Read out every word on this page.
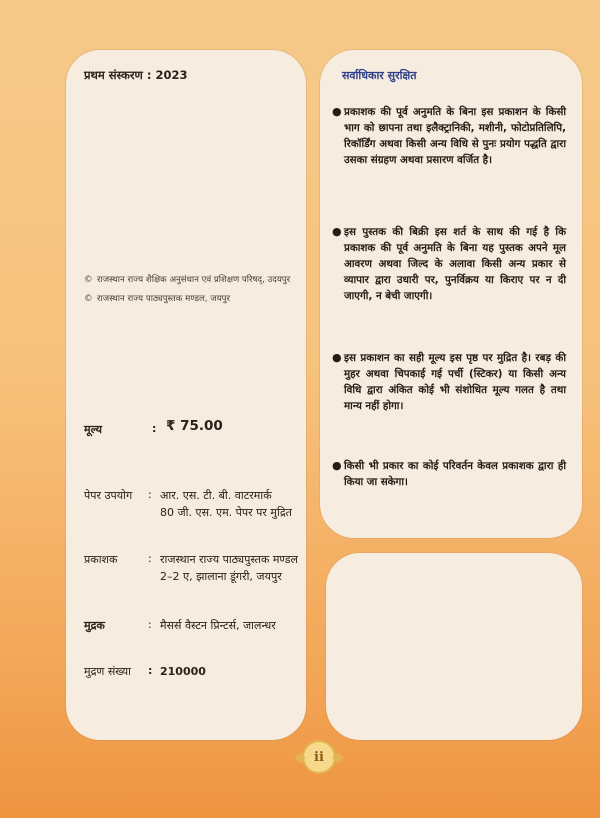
प्रथम संस्करण : 2023
© राजस्थान राज्य शैक्षिक अनुसंधान एवं प्रशिक्षण परिषद्, उदयपुर
© राजस्थान राज्य पाठ्यपुस्तक मण्डल, जयपुर
मूल्य	: ₹ 75.00
पेपर उपयोग : आर. एस. टी. बी. वाटरमार्क
80 जी. एस. एम. पेपर पर मुद्रित
प्रकाशक	: राजस्थान राज्य पाठ्यपुस्तक मण्डल
2–2 ए, झालाना डूंगरी, जयपुर
मुद्रक	: मैसर्स वैस्टन प्रिन्टर्स, जालन्धर
मुद्रण संख्या : 210000
सर्वाधिकार सुरक्षित
● प्रकाशक की पूर्व अनुमति के बिना इस प्रकाशन के किसी भाग को छापना तथा इलैक्ट्रानिकी, मशीनी, फोटोप्रतिलिपि, रिकॉर्डिंग अथवा किसी अन्य विधि से पुनः प्रयोग पद्धति द्वारा उसका संग्रहण अथवा प्रसारण वर्जित है।
● इस पुस्तक की बिक्री इस शर्त के साथ की गई है कि प्रकाशक की पूर्व अनुमति के बिना यह पुस्तक अपने मूल आवरण अथवा जिल्द के अलावा किसी अन्य प्रकार से व्यापार द्वारा उधारी पर, पुनर्विक्रय या किराए पर न दी जाएगी, न बेची जाएगी।
● इस प्रकाशन का सही मूल्य इस पृष्ठ पर मुद्रित है। रबड़ की मुहर अथवा चिपकाई गई पर्ची (स्टिकर) या किसी अन्य विधि द्वारा अंकित कोई भी संशोधित मूल्य गलत है तथा मान्य नहीं होगा।
● किसी भी प्रकार का कोई परिवर्तन केवल प्रकाशक द्वारा ही किया जा सकेगा।
ii
